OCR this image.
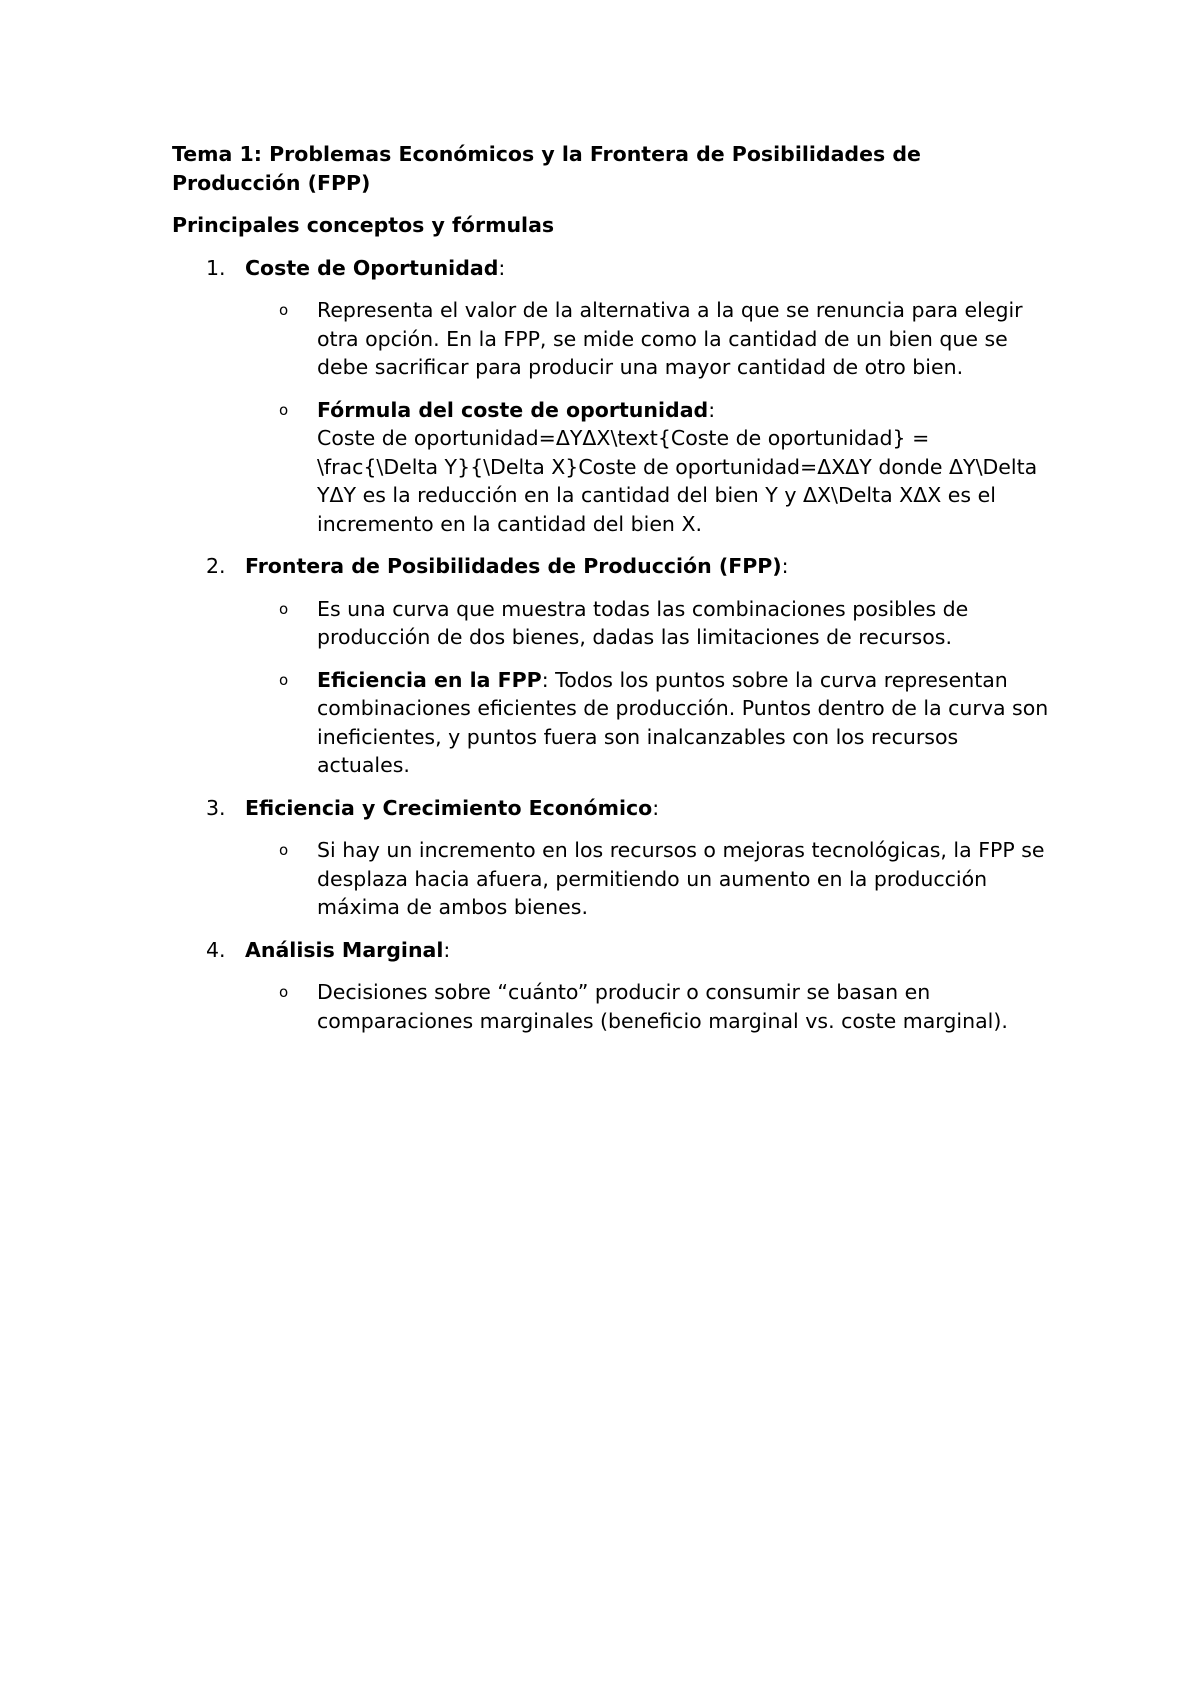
Tema 1: Problemas Económicos y la Frontera de Posibilidades de Producción (FPP)
Principales conceptos y fórmulas
1. Coste de Oportunidad:
o Representa el valor de la alternativa a la que se renuncia para elegir otra opción. En la FPP, se mide como la cantidad de un bien que se debe sacrificar para producir una mayor cantidad de otro bien.
o Fórmula del coste de oportunidad:
Coste de oportunidad=ΔYΔX\text{Coste de oportunidad} = \frac{\Delta Y}{\Delta X}Coste de oportunidad=ΔXΔY donde ΔY\Delta YΔY es la reducción en la cantidad del bien Y y ΔX\Delta XΔX es el incremento en la cantidad del bien X.
2. Frontera de Posibilidades de Producción (FPP):
o Es una curva que muestra todas las combinaciones posibles de producción de dos bienes, dadas las limitaciones de recursos.
o Eficiencia en la FPP: Todos los puntos sobre la curva representan combinaciones eficientes de producción. Puntos dentro de la curva son ineficientes, y puntos fuera son inalcanzables con los recursos actuales.
3. Eficiencia y Crecimiento Económico:
o Si hay un incremento en los recursos o mejoras tecnológicas, la FPP se desplaza hacia afuera, permitiendo un aumento en la producción máxima de ambos bienes.
4. Análisis Marginal:
o Decisiones sobre “cuánto” producir o consumir se basan en comparaciones marginales (beneficio marginal vs. coste marginal).
